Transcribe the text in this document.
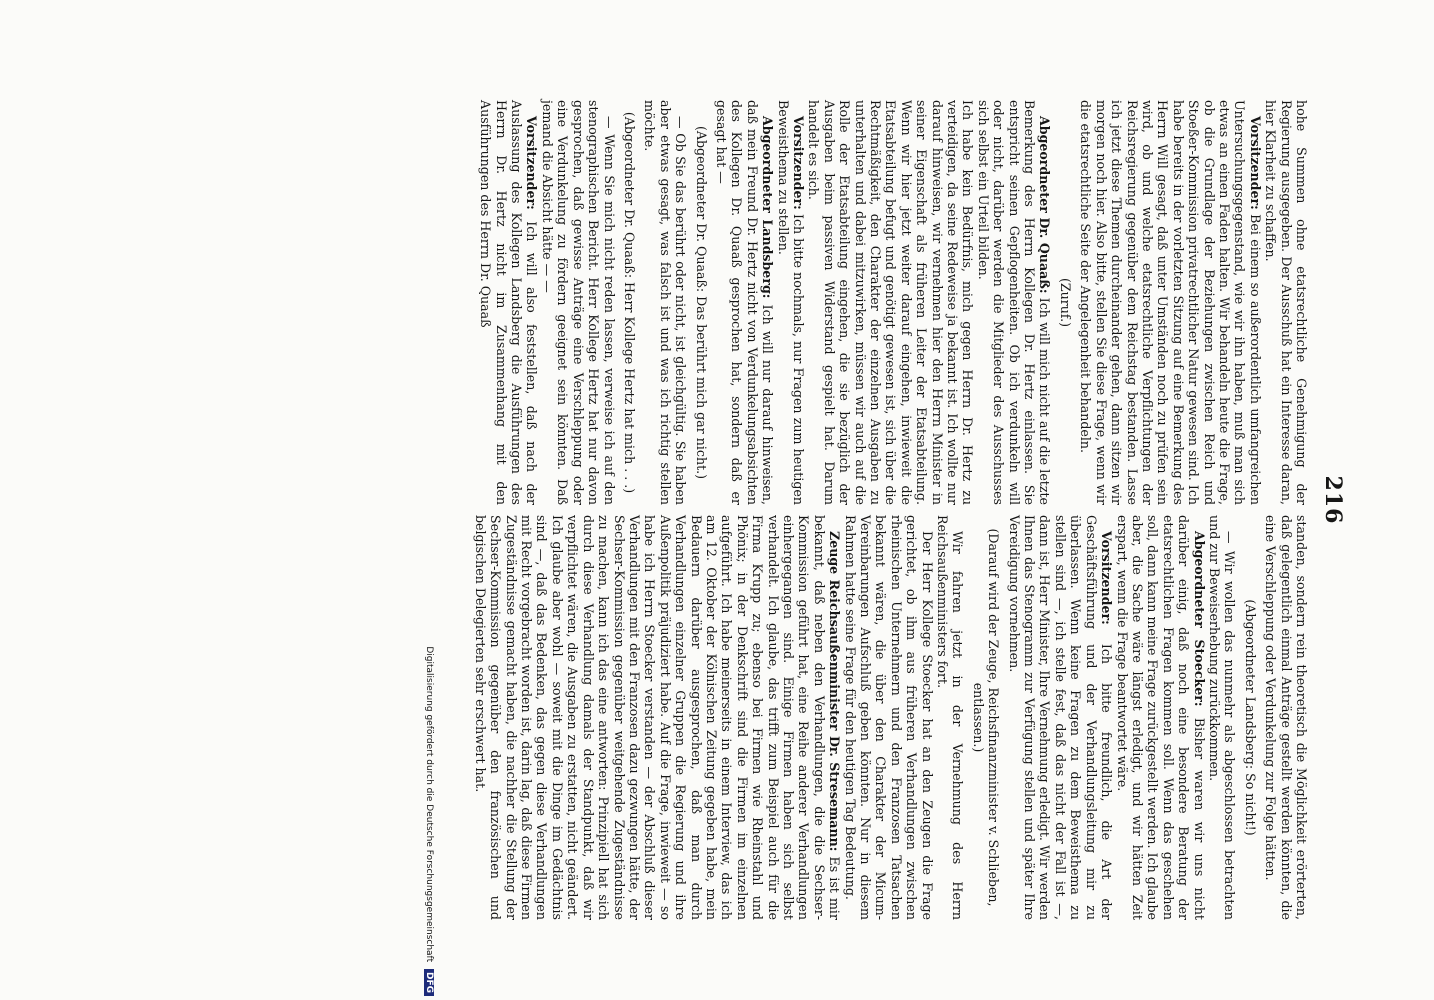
216

hohe Summen ohne etatsrechtliche Genehmigung der Regierung ausgegeben. Der Ausschuß hat ein Interesse daran, hier Klarheit zu schaffen.

Vorsitzender: Bei einem so außerordentlich umfangreichen Untersuchungsgegenstand, wie wir ihn haben, muß man sich etwas an einen Faden halten. Wir behandeln heute die Frage, ob die Grundlage der Beziehungen zwischen Reich und Stoeßer-Kommission privatrechtlicher Natur gewesen sind. Ich habe bereits in der vorletzten Sitzung auf eine Bemerkung des Herrn Will gesagt, daß unter Umständen noch zu prüfen sein wird, ob und welche etatsrechtliche Verpflichtungen der Reichsregierung gegenüber dem Reichstag bestanden. Lasse ich jetzt diese Themen durcheinander gehen, dann sitzen wir morgen noch hier. Also bitte, stellen Sie diese Frage, wenn wir die etatsrechtliche Seite der Angelegenheit behandeln.

(Zuruf.)

Abgeordneter Dr. Quaaß: Ich will mich nicht auf die letzte Bemerkung des Herrn Kollegen Dr. Hertz einlassen. Sie entspricht seinen Gepflogenheiten. Ob ich verdunkeln will oder nicht, darüber werden die Mitglieder des Ausschusses sich selbst ein Urteil bilden.

Ich habe kein Bedürfnis, mich gegen Herrn Dr. Hertz zu verteidigen, da seine Redeweise ja bekannt ist. Ich wollte nur darauf hinweisen, wir vernehmen hier den Herrn Minister in seiner Eigenschaft als früheren Leiter der Etatsabteilung. Wenn wir hier jetzt weiter darauf eingehen, inwieweit die Etatsabteilung befugt und genötigt gewesen ist, sich über die Rechtmäßigkeit, den Charakter der einzelnen Ausgaben zu unterhalten und dabei mitzuwirken, müssen wir auch auf die Rolle der Etatsabteilung eingehen, die sie bezüglich der Ausgaben beim passiven Widerstand gespielt hat. Darum handelt es sich.

Vorsitzender: Ich bitte nochmals, nur Fragen zum heutigen Beweisthema zu stellen.

Abgeordneter Landsberg: Ich will nur darauf hinweisen, daß mein Freund Dr. Hertz nicht von Verdunkelungsabsichten des Kollegen Dr. Quaaß gesprochen hat, sondern daß er gesagt hat —

(Abgeordneter Dr. Quaaß: Das berührt mich gar nicht.)

— Ob Sie das berührt oder nicht, ist gleichgültig. Sie haben aber etwas gesagt, was falsch ist und was ich richtig stellen möchte.

(Abgeordneter Dr. Quaaß: Herr Kollege Hertz hat mich . . .)

— Wenn Sie mich nicht reden lassen, verweise ich auf den stenographischen Bericht. Herr Kollege Hertz hat nur davon gesprochen, daß gewisse Anträge eine Verschleppung oder eine Verdunkelung zu fördern geeignet sein könnten. Daß jemand die Absicht hätte — —

Vorsitzender: Ich will also feststellen, daß nach der Auslassung des Kollegen Landsberg die Ausführungen des Herrn Dr. Hertz nicht im Zusammenhang mit den Ausführungen des Herrn Dr. Quaaß

standen, sondern rein theoretisch die Möglichkeit erörterten, daß gelegentlich einmal Anträge gestellt werden könnten, die eine Verschleppung oder Verdunkelung zur Folge hätten.

(Abgeordneter Landsberg: So nicht!)

— Wir wollen das nunmehr als abgeschlossen betrachten und zur Beweiserhebung zurückkommen.

Abgeordneter Stoecker: Bisher waren wir uns nicht darüber einig, daß noch eine besondere Beratung der etatsrechtlichen Fragen kommen soll. Wenn das geschehen soll, dann kann meine Frage zurückgestellt werden. Ich glaube aber, die Sache wäre längst erledigt, und wir hätten Zeit erspart, wenn die Frage beantwortet wäre.

Vorsitzender: Ich bitte freundlich, die Art der Geschäftsführung und der Verhandlungsleitung mir zu überlassen. Wenn keine Fragen zu dem Beweisthema zu stellen sind —, ich stelle fest, daß das nicht der Fall ist —, dann ist, Herr Minister, Ihre Vernehmung erledigt. Wir werden Ihnen das Stenogramm zur Verfügung stellen und später Ihre Vereidigung vornehmen.

(Darauf wird der Zeuge, Reichsfinanzminister v. Schlieben, entlassen.)

Wir fahren jetzt in der Vernehmung des Herrn Reichsaußenministers fort.

Der Herr Kollege Stoecker hat an den Zeugen die Frage gerichtet, ob ihm aus früheren Verhandlungen zwischen rheinischen Unternehmern und den Franzosen Tatsachen bekannt wären, die über den Charakter der Micum-Vereinbarungen Aufschluß geben könnten. Nur in diesem Rahmen hatte seine Frage für den heutigen Tag Bedeutung.

Zeuge Reichsaußenminister Dr. Stresemann: Es ist mir bekannt, daß neben den Verhandlungen, die die Sechser-Kommission geführt hat, eine Reihe anderer Verhandlungen einhergegangen sind. Einige Firmen haben sich selbst verhandelt. Ich glaube, das trifft zum Beispiel auch für die Firma Krupp zu; ebenso bei Firmen wie Rheinstahl und Phönix; in der Denkschrift sind die Firmen im einzelnen aufgeführt. Ich habe meinerseits in einem Interview, das ich am 12. Oktober der Kölnischen Zeitung gegeben habe, mein Bedauern darüber ausgesprochen, daß man durch Verhandlungen einzelner Gruppen die Regierung und ihre Außenpolitik präjudiziert habe. Auf die Frage, inwieweit — so habe ich Herrn Stoecker verstanden — der Abschluß dieser Verhandlungen mit den Franzosen dazu gezwungen hätte, der Sechser-Kommission gegenüber weitgehende Zugeständnisse zu machen, kann ich das eine antworten: Prinzipiell hat sich durch diese Verhandlung damals der Standpunkt, daß wir verpflichtet wären, die Ausgaben zu erstatten, nicht geändert. Ich glaube aber wohl — soweit mit die Dinge im Gedächtnis sind —, daß das Bedenken, das gegen diese Verhandlungen mit Recht vorgebracht worden ist, darin lag, daß diese Firmen Zugeständnisse gemacht haben, die nachher die Stellung der Sechser-Kommission gegenüber den französischen und belgischen Delegierten sehr erschwert hat.

Digitalisierung gefördert durch die Deutsche Forschungsgemeinschaft DFG
